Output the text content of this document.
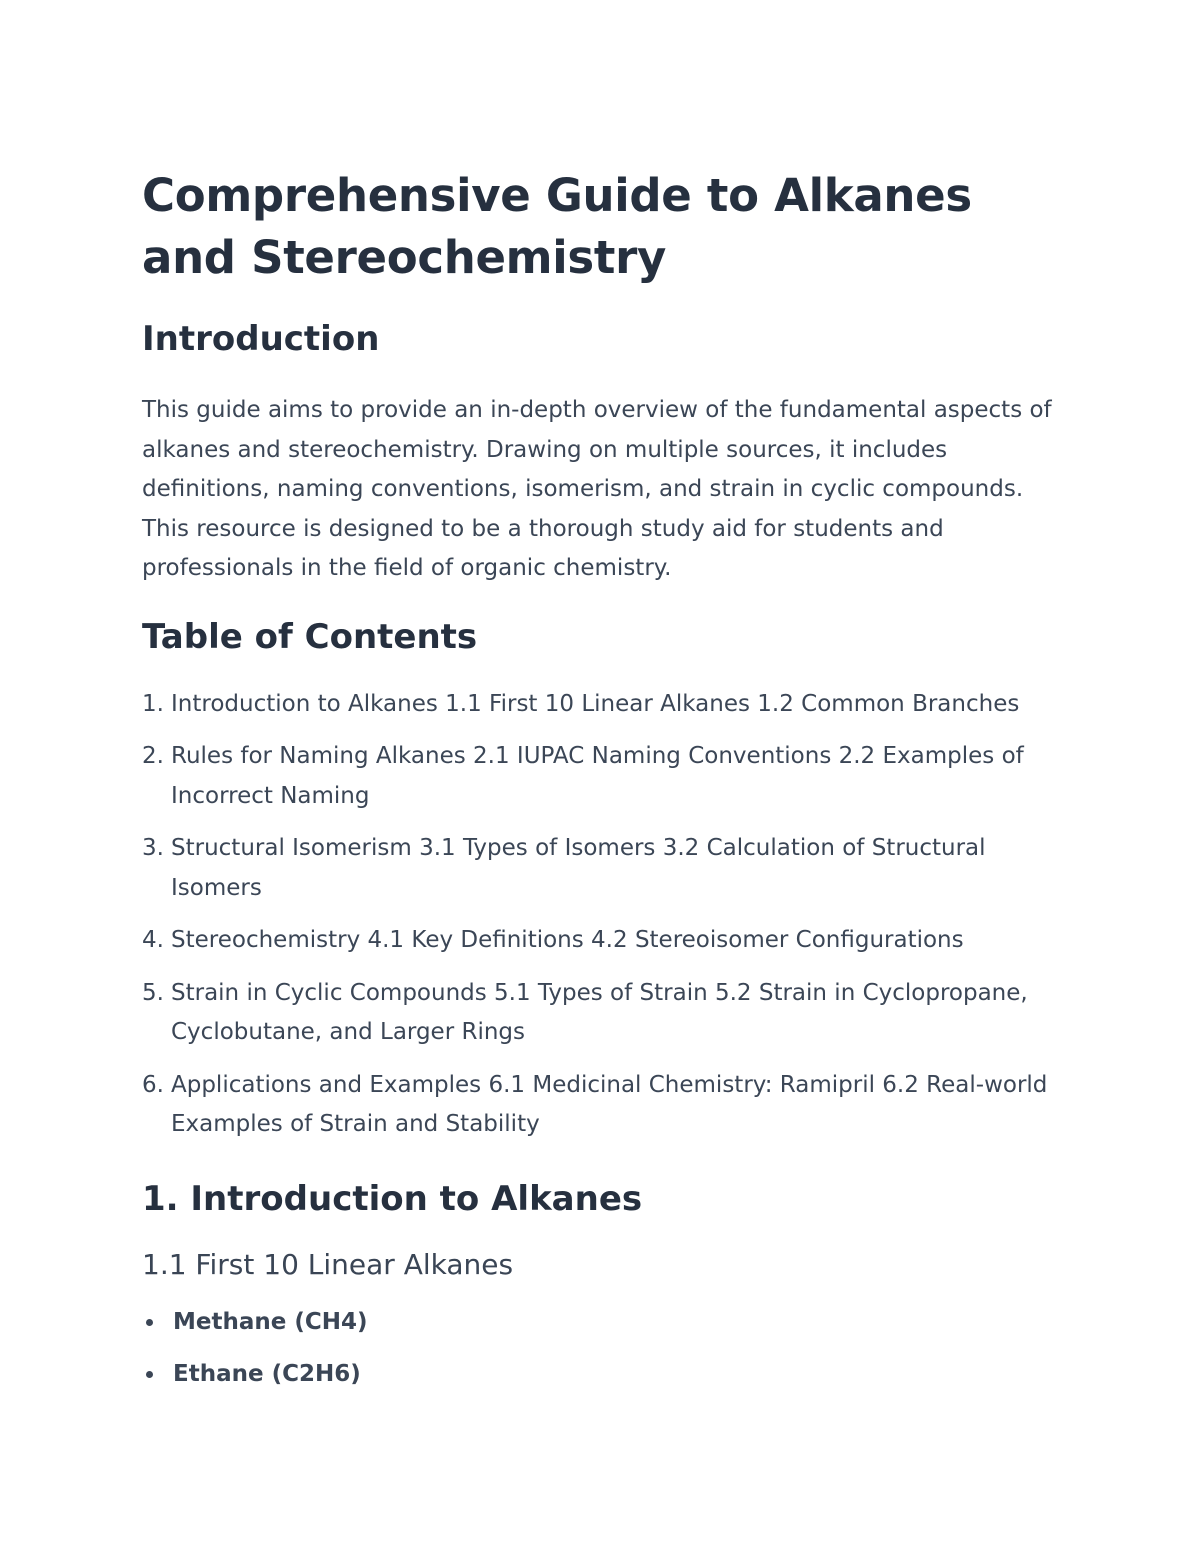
Comprehensive Guide to Alkanes and Stereochemistry
Introduction

This guide aims to provide an in-depth overview of the fundamental aspects of alkanes and stereochemistry. Drawing on multiple sources, it includes definitions, naming conventions, isomerism, and strain in cyclic compounds. This resource is designed to be a thorough study aid for students and professionals in the field of organic chemistry.

Table of Contents
1. Introduction to Alkanes 1.1 First 10 Linear Alkanes 1.2 Common Branches
2. Rules for Naming Alkanes 2.1 IUPAC Naming Conventions 2.2 Examples of Incorrect Naming
3. Structural Isomerism 3.1 Types of Isomers 3.2 Calculation of Structural Isomers
4. Stereochemistry 4.1 Key Definitions 4.2 Stereoisomer Configurations
5. Strain in Cyclic Compounds 5.1 Types of Strain 5.2 Strain in Cyclopropane, Cyclobutane, and Larger Rings
6. Applications and Examples 6.1 Medicinal Chemistry: Ramipril 6.2 Real-world Examples of Strain and Stability
1. Introduction to Alkanes
1.1 First 10 Linear Alkanes
Methane (CH4)
Ethane (C2H6)
